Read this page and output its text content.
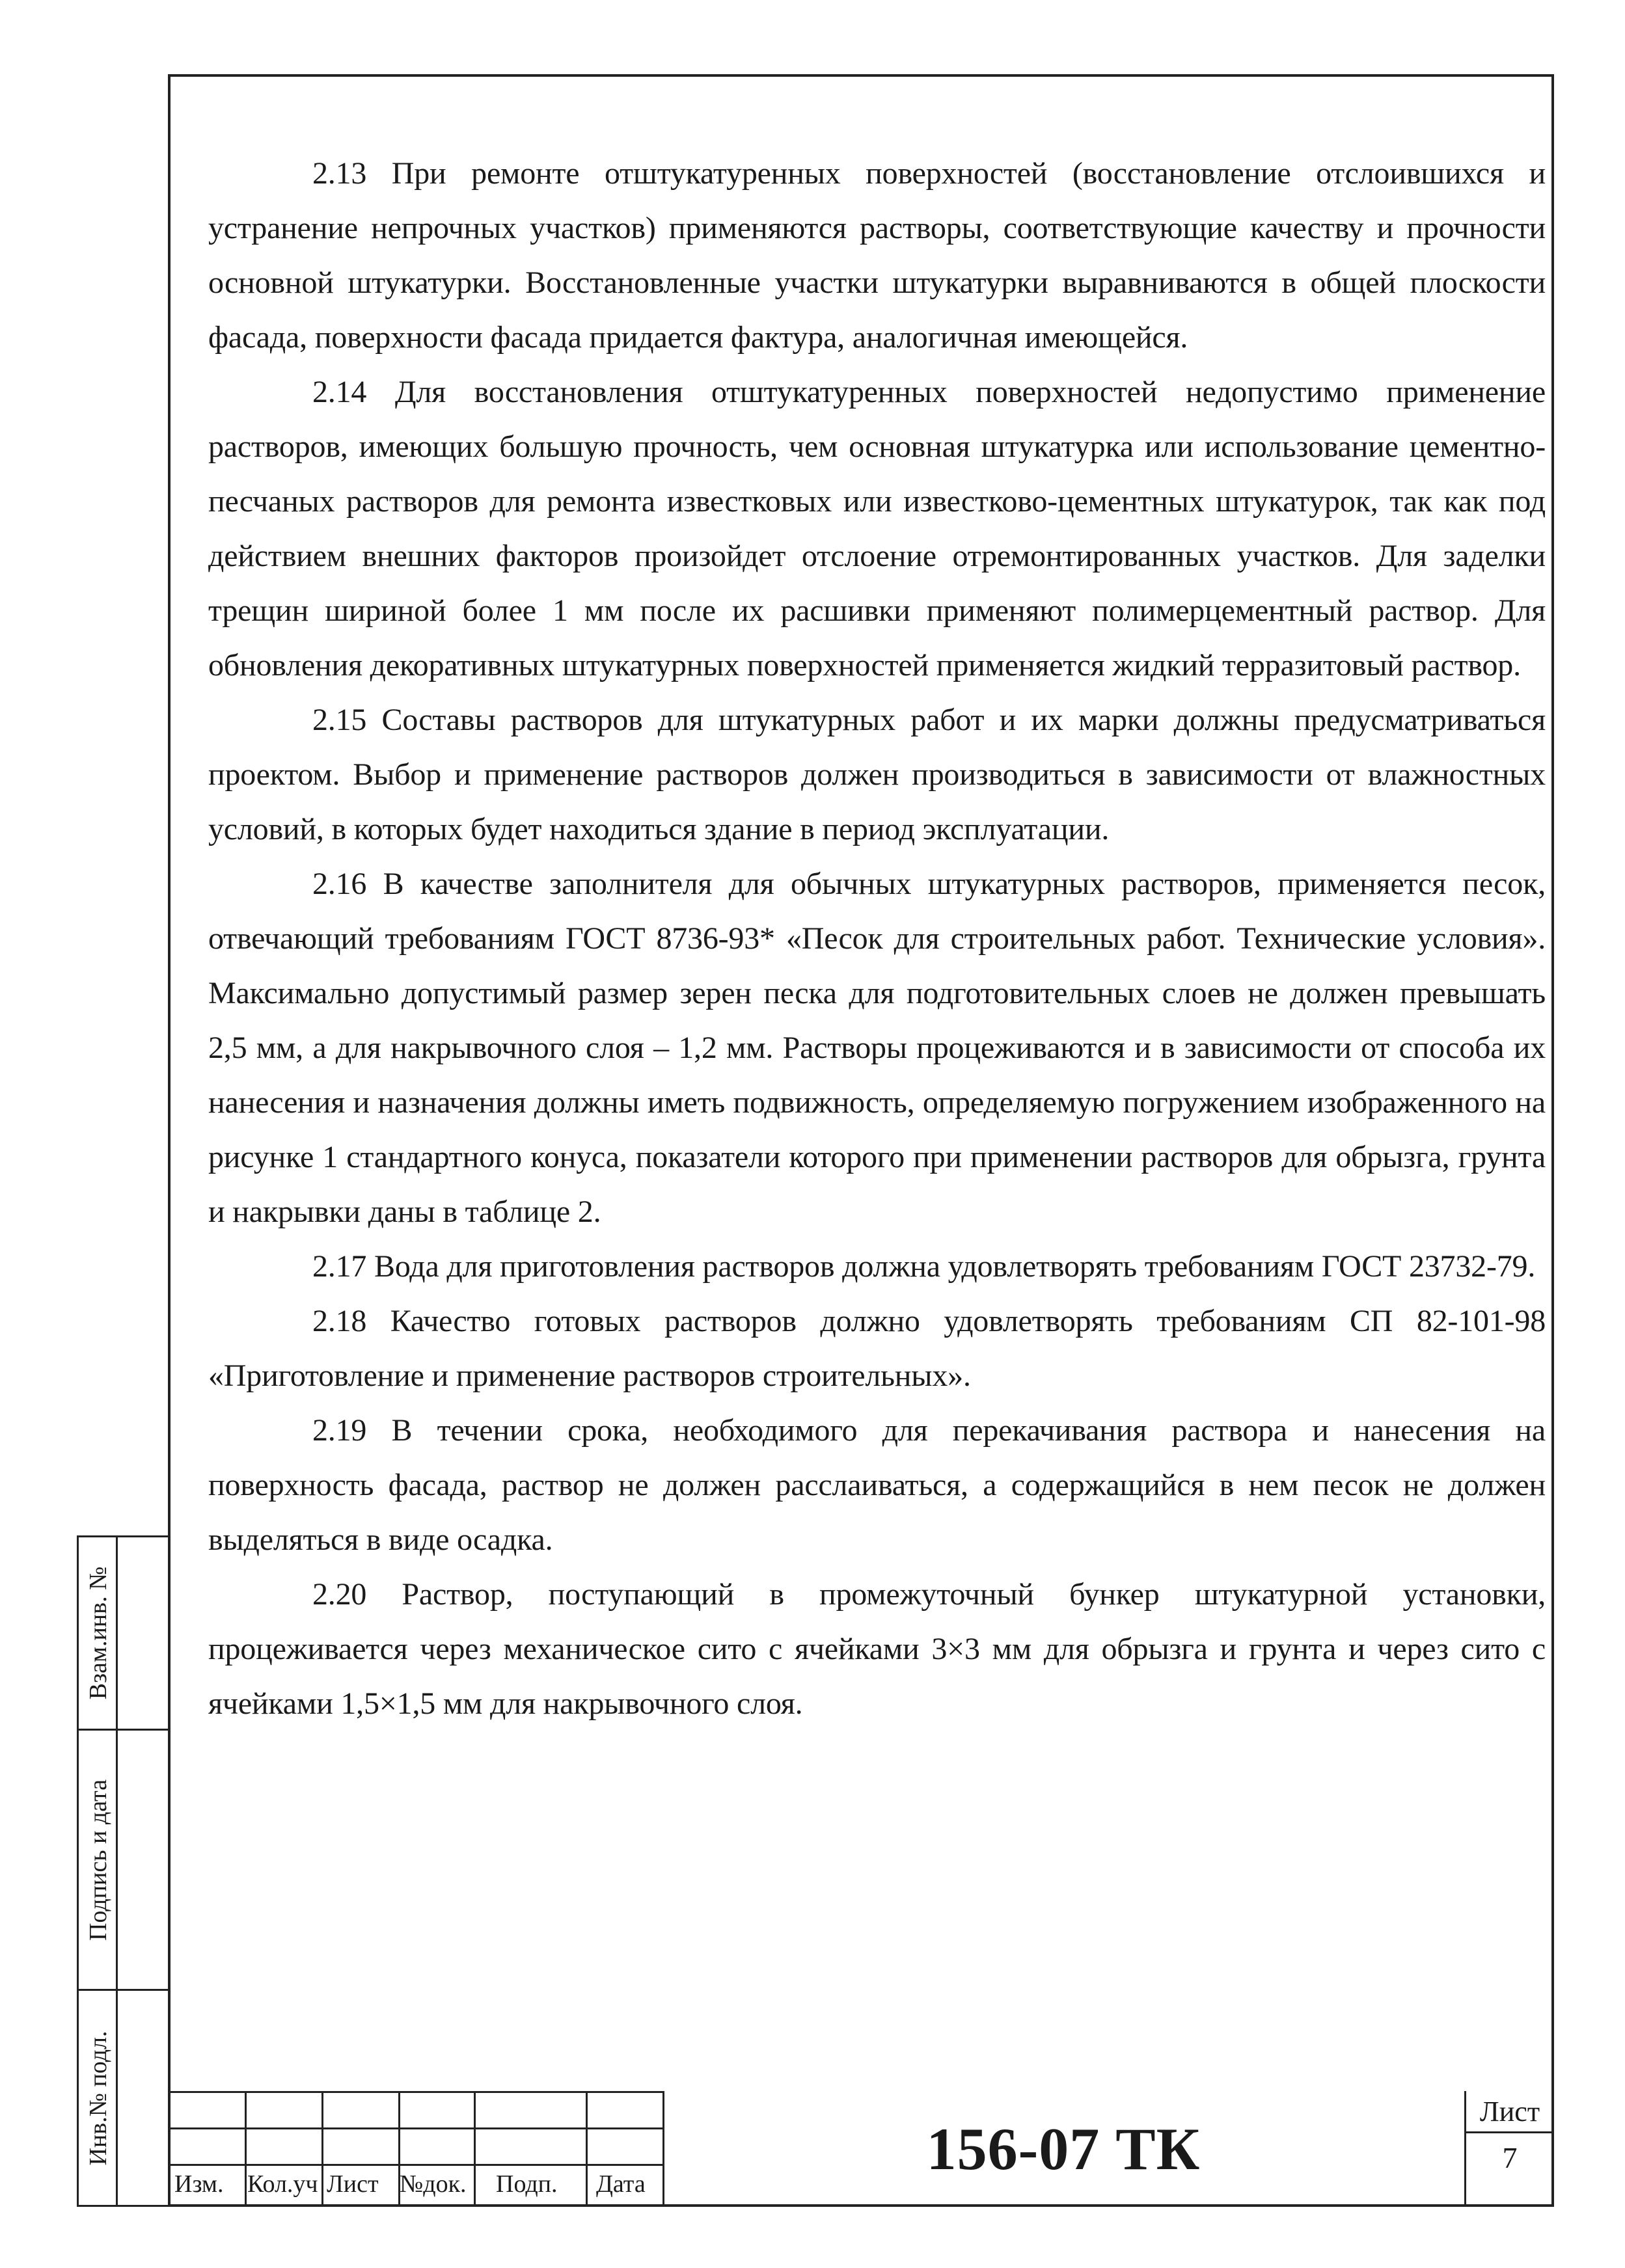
2.13 При ремонте отштукатуренных поверхностей (восстановление отслоившихся и устранение непрочных участков) применяются растворы, соответствующие качеству и прочности основной штукатурки. Восстановленные участки штукатурки выравниваются в общей плоскости фасада, поверхности фасада придается фактура, аналогичная имеющейся.

2.14 Для восстановления отштукатуренных поверхностей недопустимо применение растворов, имеющих большую прочность, чем основная штукатурка или использование цементно-песчаных растворов для ремонта известковых или известково-цементных штукатурок, так как под действием внешних факторов произойдет отслоение отремонтированных участков. Для заделки трещин шириной более 1 мм после их расшивки применяют полимерцементный раствор. Для обновления декоративных штукатурных поверхностей применяется жидкий терразитовый раствор.

2.15 Составы растворов для штукатурных работ и их марки должны предусматриваться проектом. Выбор и применение растворов должен производиться в зависимости от влажностных условий, в которых будет находиться здание в период эксплуатации.

2.16 В качестве заполнителя для обычных штукатурных растворов, применяется песок, отвечающий требованиям ГОСТ 8736-93* «Песок для строительных работ. Технические условия». Максимально допустимый размер зерен песка для подготовительных слоев не должен превышать 2,5 мм, а для накрывочного слоя – 1,2 мм. Растворы процеживаются и в зависимости от способа их нанесения и назначения должны иметь подвижность, определяемую погружением изображенного на рисунке 1 стандартного конуса, показатели которого при применении растворов для обрызга, грунта и накрывки даны в таблице 2.

2.17 Вода для приготовления растворов должна удовлетворять требованиям ГОСТ 23732-79.

2.18 Качество готовых растворов должно удовлетворять требованиям СП 82-101-98 «Приготовление и применение растворов строительных».

2.19 В течении срока, необходимого для перекачивания раствора и нанесения на поверхность фасада, раствор не должен расслаиваться, а содержащийся в нем песок не должен выделяться в виде осадка.

2.20 Раствор, поступающий в промежуточный бункер штукатурной установки, процеживается через механическое сито с ячейками 3×3 мм для обрызга и грунта и через сито с ячейками 1,5×1,5 мм для накрывочного слоя.

Взам.инв. №
Подпись и дата
Инв.№ подл.
Изм. Кол.уч Лист №док. Подп. Дата
156-07 ТК
Лист
7
